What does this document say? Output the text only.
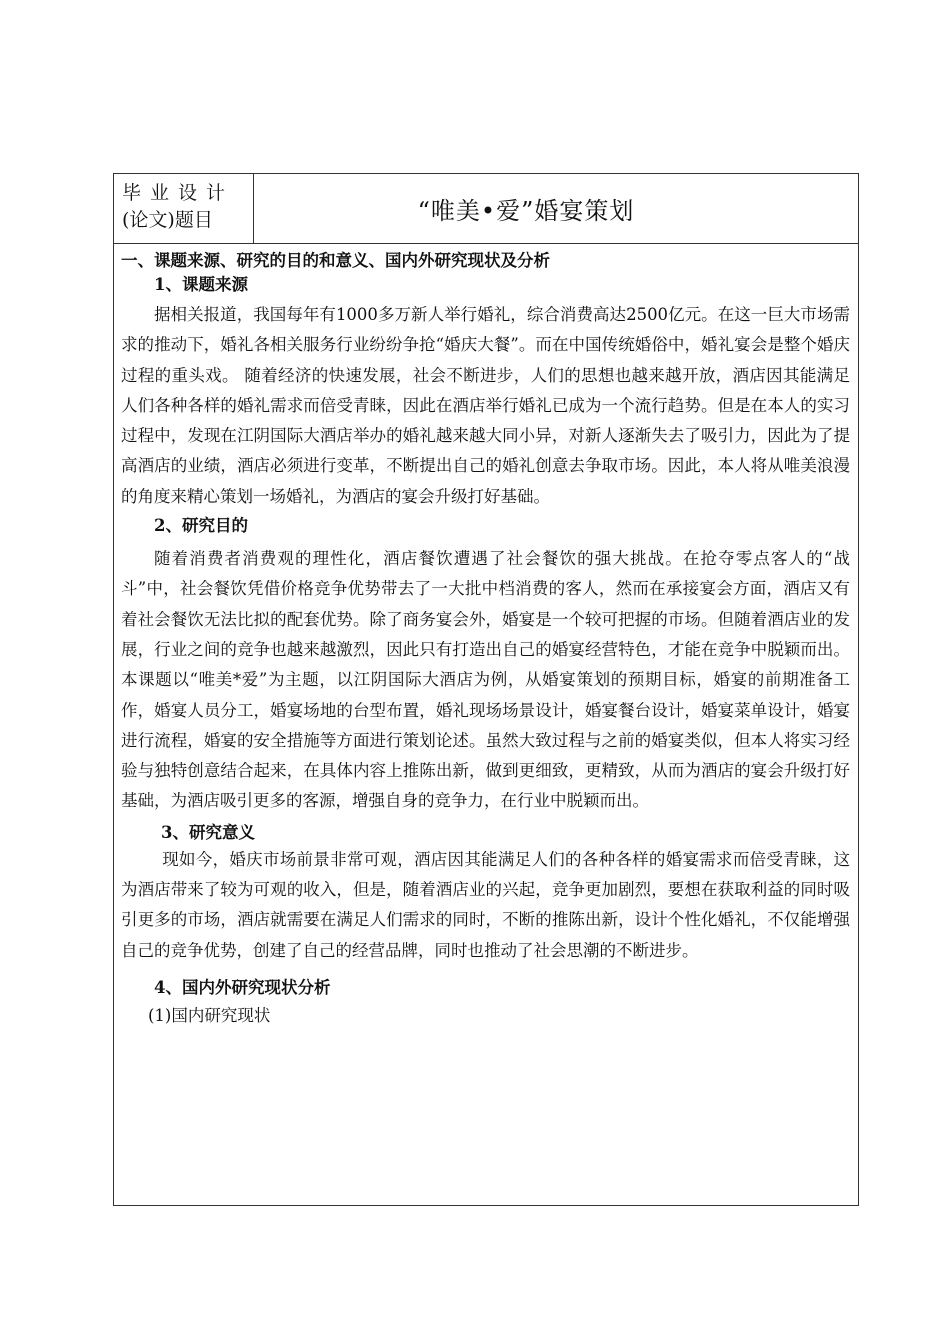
毕业设计
(论文)题目	“唯美•爱”婚宴策划
一、课题来源、研究的目的和意义、国内外研究现状及分析
1、课题来源
据相关报道，我国每年有1000多万新人举行婚礼，综合消费高达2500亿元。在这一巨大市场需求的推动下，婚礼各相关服务行业纷纷争抢“婚庆大餐”。而在中国传统婚俗中，婚礼宴会是整个婚庆过程的重头戏。 随着经济的快速发展，社会不断进步，人们的思想也越来越开放，酒店因其能满足人们各种各样的婚礼需求而倍受青睐，因此在酒店举行婚礼已成为一个流行趋势。但是在本人的实习过程中，发现在江阴国际大酒店举办的婚礼越来越大同小异，对新人逐渐失去了吸引力，因此为了提高酒店的业绩，酒店必须进行变革，不断提出自己的婚礼创意去争取市场。因此，本人将从唯美浪漫的角度来精心策划一场婚礼，为酒店的宴会升级打好基础。
2、研究目的
随着消费者消费观的理性化，酒店餐饮遭遇了社会餐饮的强大挑战。在抢夺零点客人的“战斗”中，社会餐饮凭借价格竞争优势带去了一大批中档消费的客人，然而在承接宴会方面，酒店又有着社会餐饮无法比拟的配套优势。除了商务宴会外，婚宴是一个较可把握的市场。但随着酒店业的发展，行业之间的竞争也越来越激烈，因此只有打造出自己的婚宴经营特色，才能在竞争中脱颖而出。本课题以“唯美*爱”为主题，以江阴国际大酒店为例，从婚宴策划的预期目标，婚宴的前期准备工作，婚宴人员分工，婚宴场地的台型布置，婚礼现场场景设计，婚宴餐台设计，婚宴菜单设计，婚宴进行流程，婚宴的安全措施等方面进行策划论述。虽然大致过程与之前的婚宴类似，但本人将实习经验与独特创意结合起来，在具体内容上推陈出新，做到更细致，更精致，从而为酒店的宴会升级打好基础，为酒店吸引更多的客源，增强自身的竞争力，在行业中脱颖而出。
3、研究意义
现如今，婚庆市场前景非常可观，酒店因其能满足人们的各种各样的婚宴需求而倍受青睐，这为酒店带来了较为可观的收入，但是，随着酒店业的兴起，竞争更加剧烈，要想在获取利益的同时吸引更多的市场，酒店就需要在满足人们需求的同时，不断的推陈出新，设计个性化婚礼，不仅能增强自己的竞争优势，创建了自己的经营品牌，同时也推动了社会思潮的不断进步。
4、国内外研究现状分析
(1)国内研究现状
